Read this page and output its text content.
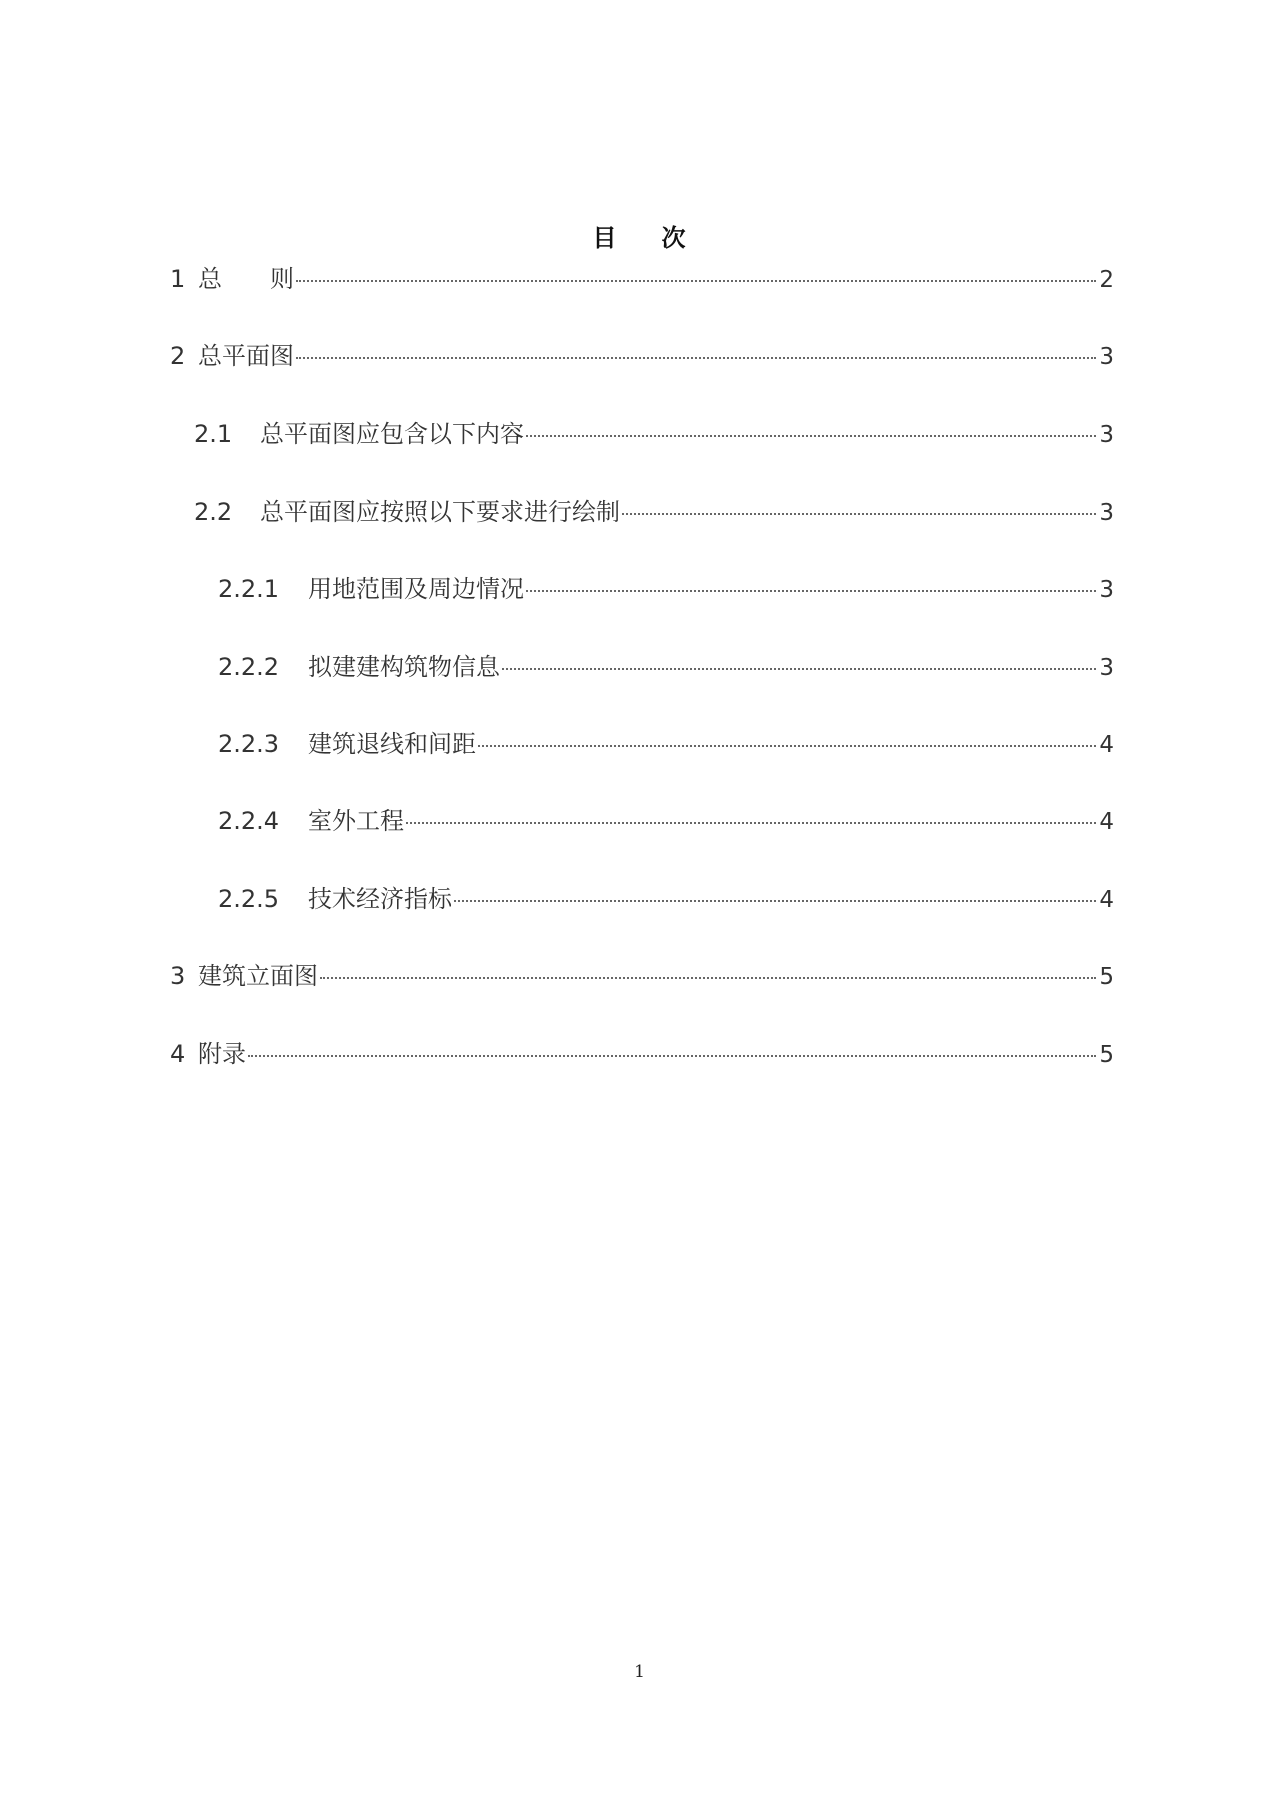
目 次
1 总　　则	2
2 总平面图	3
2.1	总平面图应包含以下内容	3
2.2	总平面图应按照以下要求进行绘制	3
2.2.1	用地范围及周边情况	3
2.2.2	拟建建构筑物信息	3
2.2.3	建筑退线和间距	4
2.2.4	室外工程	4
2.2.5	技术经济指标	4
3 建筑立面图	5
4 附录	5
1
